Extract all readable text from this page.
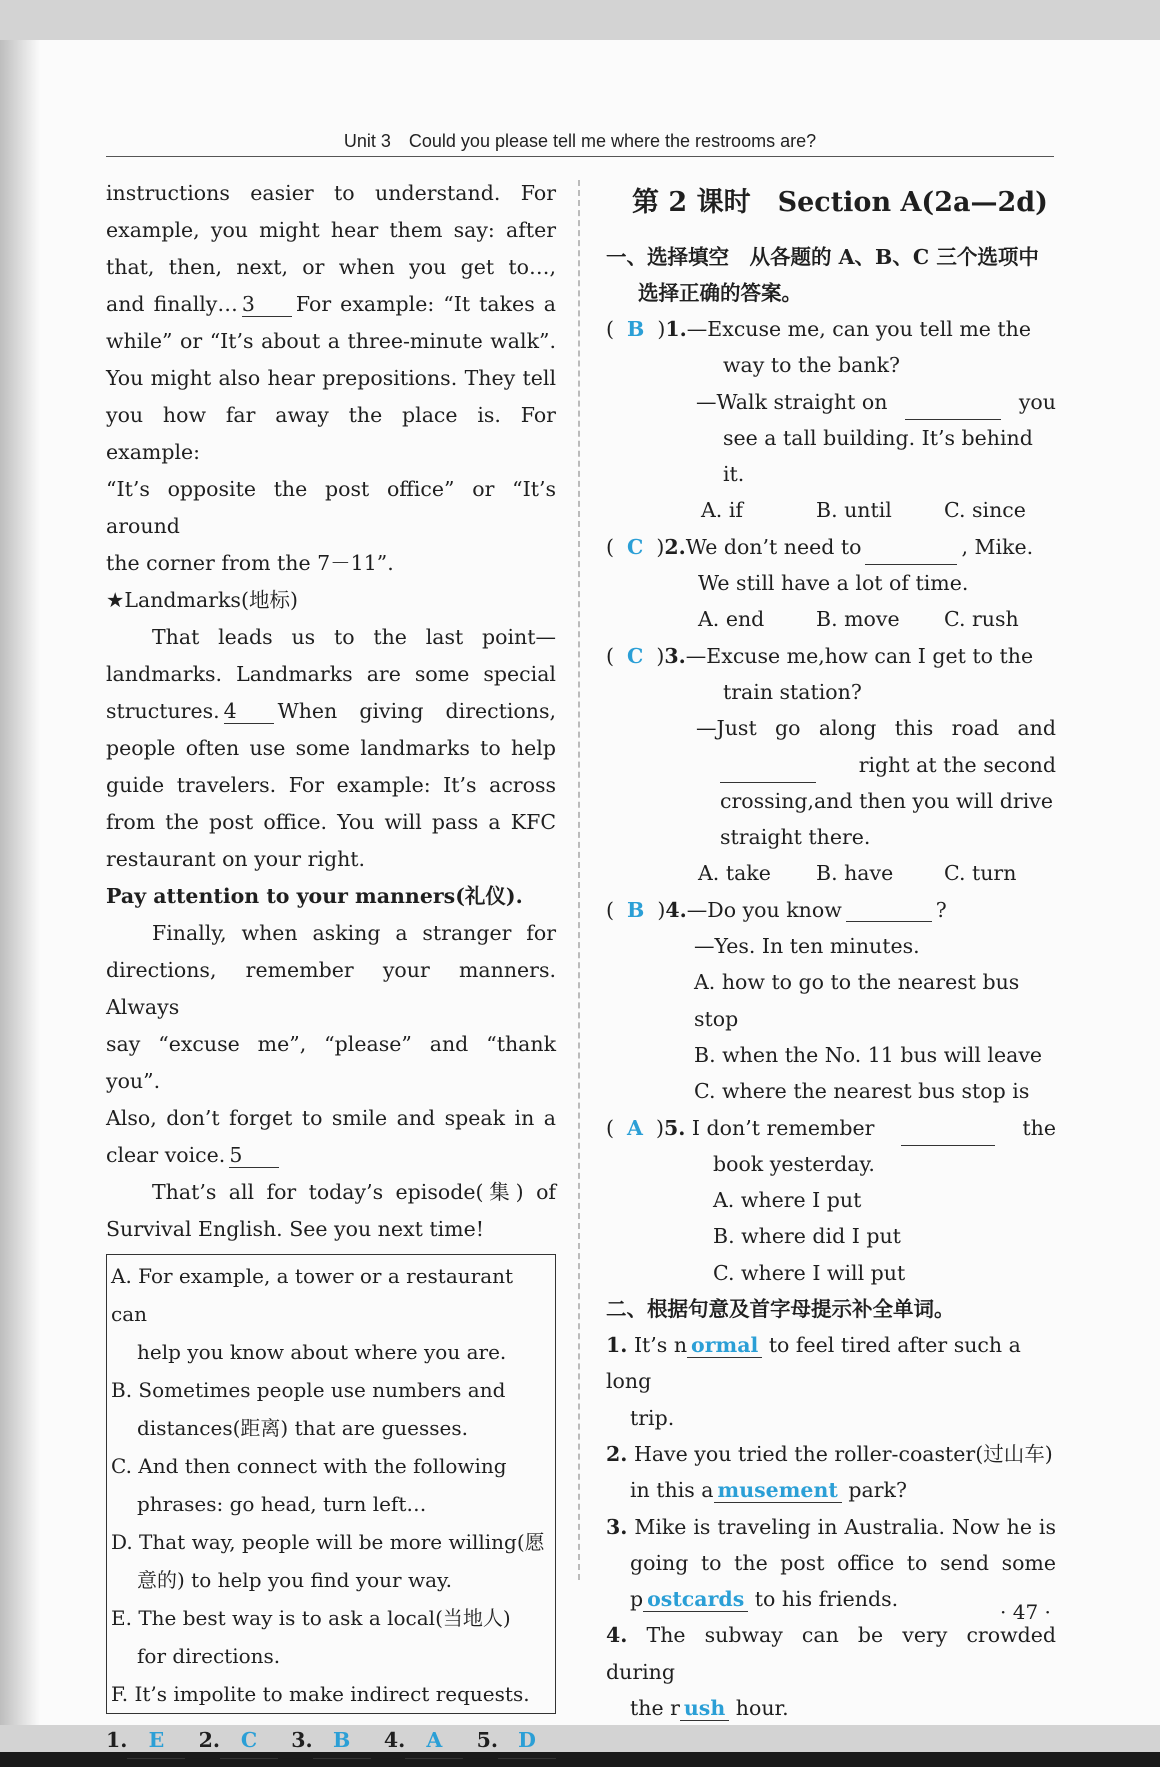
Unit 3　Could you please tell me where the restrooms are?
instructions easier to understand. For
example, you might hear them say: after
that, then, next, or when you get to…,
and finally… 3 For example: “It takes a
while” or “It’s about a three-minute walk”.
You might also hear prepositions. They tell
you how far away the place is. For example:
“It’s opposite the post office” or “It’s around
the corner from the 7－11”.
★Landmarks(地标)
That leads us to the last point—
landmarks. Landmarks are some special
structures. 4 When giving directions,
people often use some landmarks to help
guide travelers. For example: It’s across
from the post office. You will pass a KFC
restaurant on your right.
Pay attention to your manners(礼仪).
Finally, when asking a stranger for
directions, remember your manners. Always
say “excuse me”, “please” and “thank you”.
Also, don’t forget to smile and speak in a
clear voice. 5
That’s all for today’s episode(集) of
Survival English. See you next time!
A. For example, a tower or a restaurant can
help you know about where you are.
B. Sometimes people use numbers and
distances(距离) that are guesses.
C. And then connect with the following
phrases: go head, turn left…
D. That way, people will be more willing(愿
意的) to help you find your way.
E. The best way is to ask a local(当地人)
for directions.
F. It’s impolite to make indirect requests.
1. E	2. C	3. B	4. A	5. D
第 2 课时　Section A(2a—2d)
一、选择填空　从各题的 A、B、C 三个选项中
选择正确的答案。
(  B  )1.—Excuse me, can you tell me the
way to the bank?
—Walk straight on
	you
see a tall building. It’s behind it.
A. if	B. until	C. since
(  C  )2.We don’t need to
	, Mike.
We still have a lot of time.
A. end	B. move	C. rush
(  C  )3.—Excuse me,how can I get to the
train station?
—Just go along this road and

right at the second
crossing,and then you will drive
straight there.
A. take	B. have	C. turn
(  B  )4.—Do you know	?
—Yes. In ten minutes.
A. how to go to the nearest bus stop
B. when the No. 11 bus will leave
C. where the nearest bus stop is
(  A  )5. I don’t remember
	the
book yesterday.
A. where I put
B. where did I put
C. where I will put
二、根据句意及首字母提示补全单词。
1. It’s n ormal to feel tired after such a long
trip.
2. Have you tried the roller-coaster(过山车)
in this a musement park?
3. Mike is traveling in Australia. Now he is
going to the post office to send some
p ostcards to his friends.
4. The subway can be very crowded during
the r ush hour.
· 47 ·
